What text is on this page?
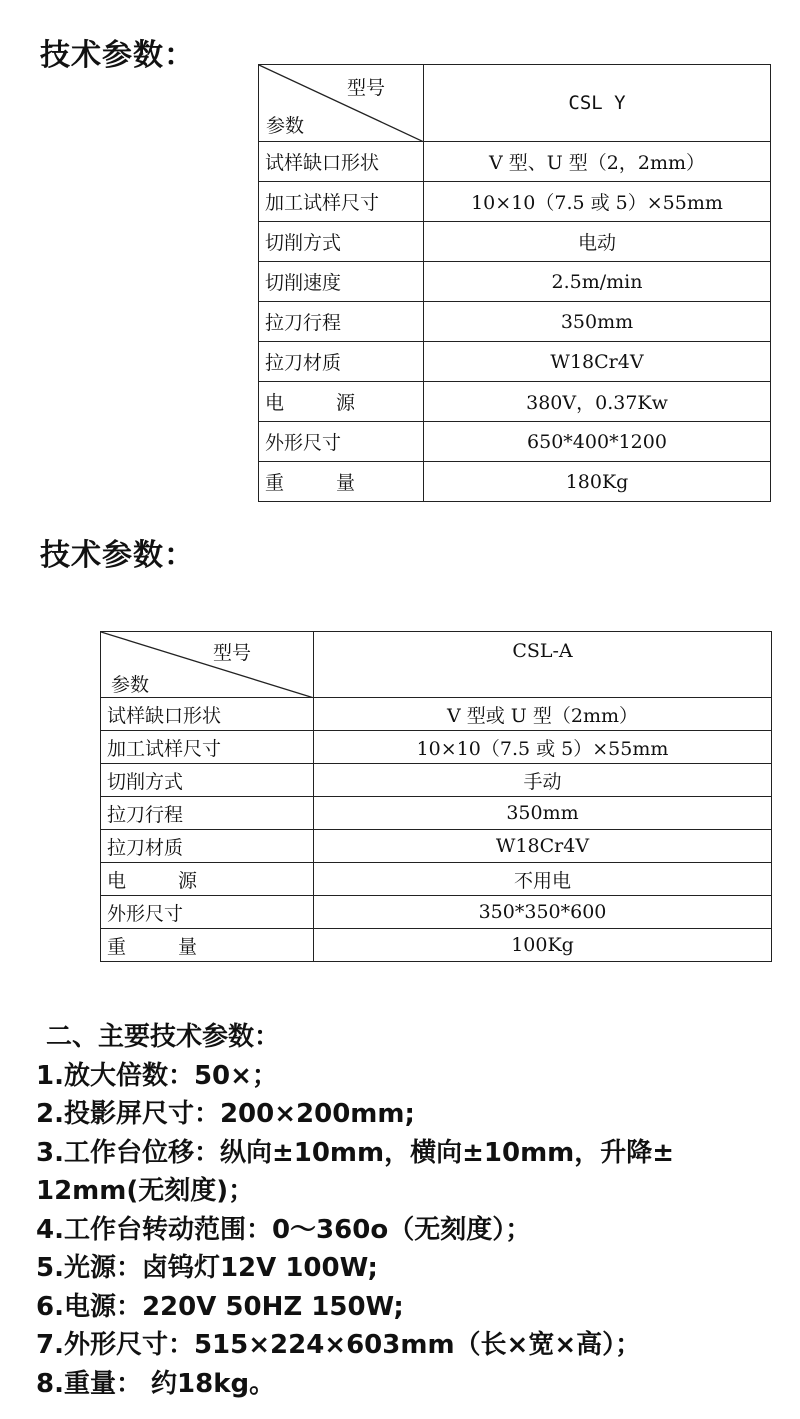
技术参数：
型号
参数	CSL Y
试样缺口形状	V 型、U 型（2，2mm）
加工试样尺寸	10×10（7.5 或 5）×55mm
切削方式	电动
切削速度	2.5m/min
拉刀行程	350mm
拉刀材质	W18Cr4V
电 源	380V，0.37Kw
外形尺寸	650*400*1200
重 量	180Kg
技术参数：
型号
参数	CSL-A
试样缺口形状	V 型或 U 型（2mm）
加工试样尺寸	10×10（7.5 或 5）×55mm
切削方式	手动
拉刀行程	350mm
拉刀材质	W18Cr4V
电 源	不用电
外形尺寸	350*350*600
重 量	100Kg
二、主要技术参数：
1.放大倍数：50×；
2.投影屏尺寸：200×200mm;
3.工作台位移：纵向±10mm，横向±10mm，升降±
12mm(无刻度)；
4.工作台转动范围：0～360o（无刻度）；
5.光源：卤钨灯12V 100W;
6.电源：220V 50HZ 150W;
7.外形尺寸：515×224×603mm（长×宽×高）；
8.重量： 约18kg。
